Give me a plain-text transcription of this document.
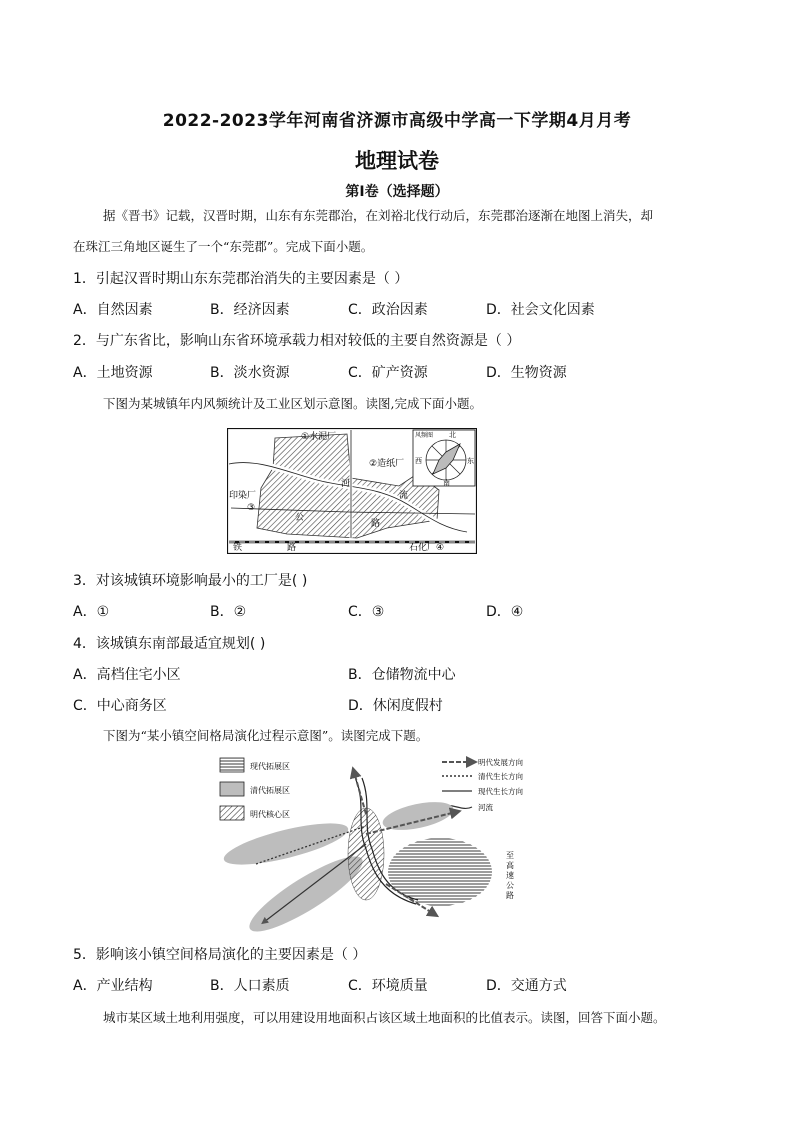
2022-2023学年河南省济源市高级中学高一下学期4月月考
地理试卷
第Ⅰ卷（选择题）
据《晋书》记载，汉晋时期，山东有东莞郡治，在刘裕北伐行动后，东莞郡治逐渐在地图上消失，却
在珠江三角地区诞生了一个“东莞郡”。完成下面小题。
1．引起汉晋时期山东东莞郡治消失的主要因素是（ ）
A．自然因素	B．经济因素	C．政治因素	D．社会文化因素
2．与广东省比，影响山东省环境承载力相对较低的主要自然资源是（ ）
A．土地资源	B．淡水资源	C．矿产资源	D．生物资源
下图为某城镇年内风频统计及工业区划示意图。读图,完成下面小题。
①水泥厂
②造纸厂
印染厂
③
石化厂④
河
流
公
路
铁	路
风频图 北
南
西	东
3．对该城镇环境影响最小的工厂是( )
A．①	B．②	C．③	D．④
4．该城镇东南部最适宜规划( )
A．高档住宅小区	B．仓储物流中心
C．中心商务区	D．休闲度假村
下图为“某小镇空间格局演化过程示意图”。读图完成下题。
现代拓展区
清代拓展区
明代核心区
明代发展方向
清代生长方向
现代生长方向
河流
至
高
速
公
路
5．影响该小镇空间格局演化的主要因素是（ ）
A．产业结构	B．人口素质	C．环境质量	D．交通方式
城市某区域土地利用强度，可以用建设用地面积占该区域土地面积的比值表示。读图，回答下面小题。
